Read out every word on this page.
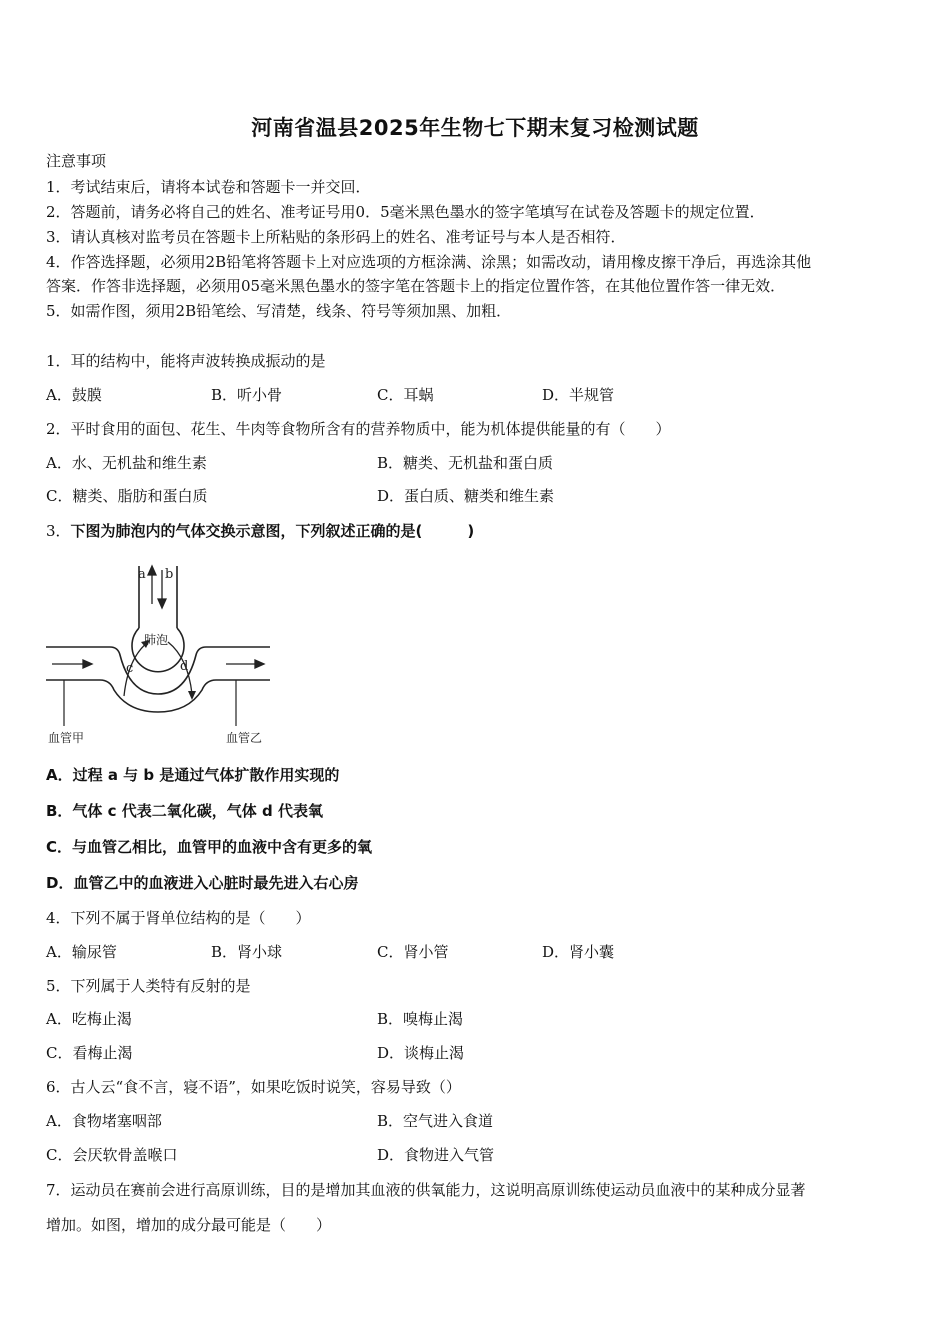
河南省温县2025年生物七下期末复习检测试题
注意事项
1．考试结束后，请将本试卷和答题卡一并交回．
2．答题前，请务必将自己的姓名、准考证号用0．5毫米黑色墨水的签字笔填写在试卷及答题卡的规定位置．
3．请认真核对监考员在答题卡上所粘贴的条形码上的姓名、准考证号与本人是否相符．
4．作答选择题，必须用2B铅笔将答题卡上对应选项的方框涂满、涂黑；如需改动，请用橡皮擦干净后，再选涂其他
答案．作答非选择题，必须用05毫米黑色墨水的签字笔在答题卡上的指定位置作答，在其他位置作答一律无效．
5．如需作图，须用2B铅笔绘、写清楚，线条、符号等须加黑、加粗．
1．耳的结构中，能将声波转换成振动的是
A．鼓膜	B．听小骨	C．耳蜗	D．半规管
2．平时食用的面包、花生、牛肉等食物所含有的营养物质中，能为机体提供能量的有（　　）
A．水、无机盐和维生素	B．糖类、无机盐和蛋白质
C．糖类、脂肪和蛋白质	D．蛋白质、糖类和维生素
3．下图为肺泡内的气体交换示意图，下列叙述正确的是(　　　)
a b
c	d
肺泡
血管甲	血管乙
A．过程 a 与 b 是通过气体扩散作用实现的
B．气体 c 代表二氧化碳，气体 d 代表氧
C．与血管乙相比，血管甲的血液中含有更多的氧
D．血管乙中的血液进入心脏时最先进入右心房
4．下列不属于肾单位结构的是（　　）
A．输尿管	B．肾小球	C．肾小管	D．肾小囊
5．下列属于人类特有反射的是
A．吃梅止渴	B．嗅梅止渴
C．看梅止渴	D．谈梅止渴
6．古人云“食不言，寝不语”，如果吃饭时说笑，容易导致（）
A．食物堵塞咽部	B．空气进入食道
C．会厌软骨盖喉口	D．食物进入气管
7．运动员在赛前会进行高原训练，目的是增加其血液的供氧能力，这说明高原训练使运动员血液中的某种成分显著
增加。如图，增加的成分最可能是（　　）
